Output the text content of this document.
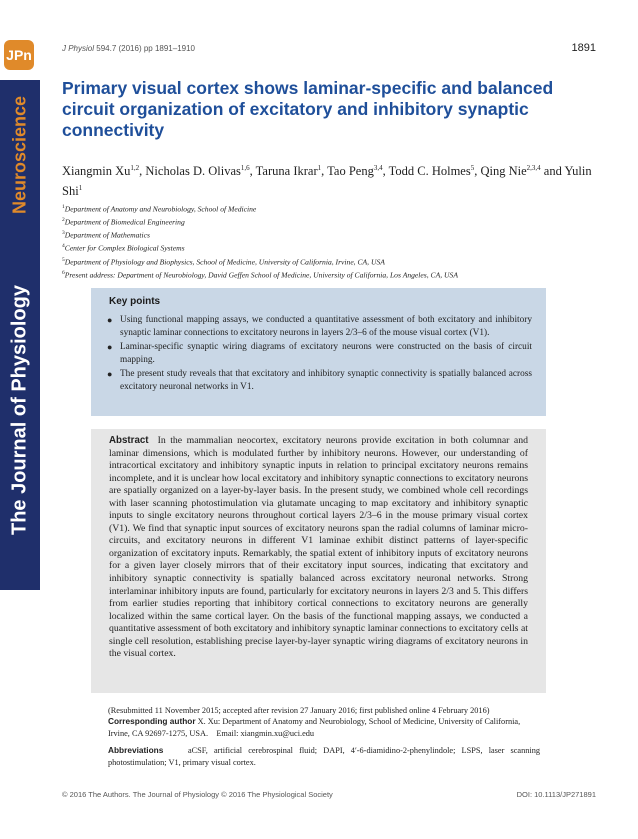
JPn
Neuroscience
The Journal of Physiology
J Physiol 594.7 (2016) pp 1891–1910	1891
Primary visual cortex shows laminar-specific and balanced circuit organization of excitatory and inhibitory synaptic connectivity
Xiangmin Xu$^{1,2}$, Nicholas D. Olivas$^{1,6}$, Taruna Ikrar$^1$, Tao Peng$^{3,4}$, Todd C. Holmes$^5$, Qing Nie$^{2,3,4}$ and Yulin Shi$^1$
$^1$Department of Anatomy and Neurobiology, School of Medicine
$^2$Department of Biomedical Engineering
$^3$Department of Mathematics
$^4$Center for Complex Biological Systems
$^5$Department of Physiology and Biophysics, School of Medicine, University of California, Irvine, CA, USA
$^6$Present address: Department of Neurobiology, David Geffen School of Medicine, University of California, Los Angeles, CA, USA
Key points
● Using functional mapping assays, we conducted a quantitative assessment of both excitatory and inhibitory synaptic laminar connections to excitatory neurons in layers 2/3–6 of the mouse visual cortex (V1).
● Laminar-specific synaptic wiring diagrams of excitatory neurons were constructed on the basis of circuit mapping.
● The present study reveals that that excitatory and inhibitory synaptic connectivity is spatially balanced across excitatory neuronal networks in V1.

Abstract In the mammalian neocortex, excitatory neurons provide excitation in both columnar and laminar dimensions, which is modulated further by inhibitory neurons. However, our understanding of intracortical excitatory and inhibitory synaptic inputs in relation to principal excitatory neurons remains incomplete, and it is unclear how local excitatory and inhibitory synaptic connections to excitatory neurons are spatially organized on a layer-by-layer basis. In the present study, we combined whole cell recordings with laser scanning photostimulation via glutamate uncaging to map excitatory and inhibitory synaptic inputs to single excitatory neurons throughout cortical layers 2/3–6 in the mouse primary visual cortex (V1). We find that synaptic input sources of excitatory neurons span the radial columns of laminar micro-circuits, and excitatory neurons in different V1 laminae exhibit distinct patterns of layer-specific organization of excitatory inputs. Remarkably, the spatial extent of inhibitory inputs of excitatory neurons for a given layer closely mirrors that of their excitatory input sources, indicating that excitatory and inhibitory synaptic connectivity is spatially balanced across excitatory neuronal networks. Strong interlaminar inhibitory inputs are found, particularly for excitatory neurons in layers 2/3 and 5. This differs from earlier studies reporting that inhibitory cortical connections to excitatory neurons are generally localized within the same cortical layer. On the basis of the functional mapping assays, we conducted a quantitative assessment of both excitatory and inhibitory synaptic laminar connections to excitatory cells at single cell resolution, establishing precise layer-by-layer synaptic wiring diagrams of excitatory neurons in the visual cortex.

(Resubmitted 11 November 2015; accepted after revision 27 January 2016; first published online 4 February 2016)
Corresponding author X. Xu: Department of Anatomy and Neurobiology, School of Medicine, University of California, Irvine, CA 92697-1275, USA. Email: xiangmin.xu@uci.edu
Abbreviations	aCSF, artificial cerebrospinal fluid; DAPI, 4′-6-diamidino-2-phenylindole; LSPS, laser scanning photostimulation; V1, primary visual cortex.
© 2016 The Authors. The Journal of Physiology © 2016 The Physiological Society	DOI: 10.1113/JP271891
